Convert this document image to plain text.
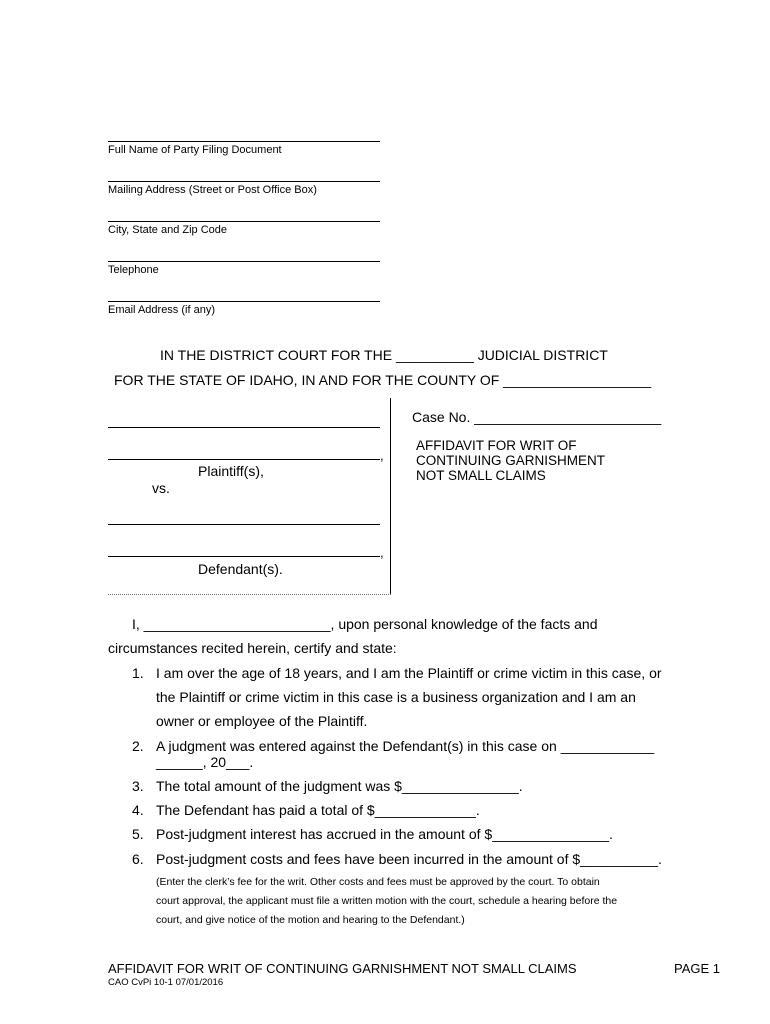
Full Name of Party Filing Document
Mailing Address (Street or Post Office Box)
City, State and Zip Code
Telephone
Email Address (if any)
IN THE DISTRICT COURT FOR THE __________ JUDICIAL DISTRICT
FOR THE STATE OF IDAHO, IN AND FOR THE COUNTY OF ___________________
,
Plaintiff(s),
vs.
,
Defendant(s).
Case No. ________________________
AFFIDAVIT FOR WRIT OF
CONTINUING GARNISHMENT
NOT SMALL CLAIMS
I, ________________________, upon personal knowledge of the facts and
circumstances recited herein, certify and state:
1. I am over the age of 18 years, and I am the Plaintiff or crime victim in this case, or
the Plaintiff or crime victim in this case is a business organization and I am an
owner or employee of the Plaintiff.
2. A judgment was entered against the Defendant(s) in this case on ____________
______, 20___.
3. The total amount of the judgment was $_______________.
4. The Defendant has paid a total of $_____________.
5. Post-judgment interest has accrued in the amount of $_______________.
6. Post-judgment costs and fees have been incurred in the amount of $__________.
(Enter the clerk’s fee for the writ. Other costs and fees must be approved by the court. To obtain
court approval, the applicant must file a written motion with the court, schedule a hearing before the
court, and give notice of the motion and hearing to the Defendant.)
AFFIDAVIT FOR WRIT OF CONTINUING GARNISHMENT NOT SMALL CLAIMS	PAGE 1
CAO CvPi 10-1 07/01/2016
